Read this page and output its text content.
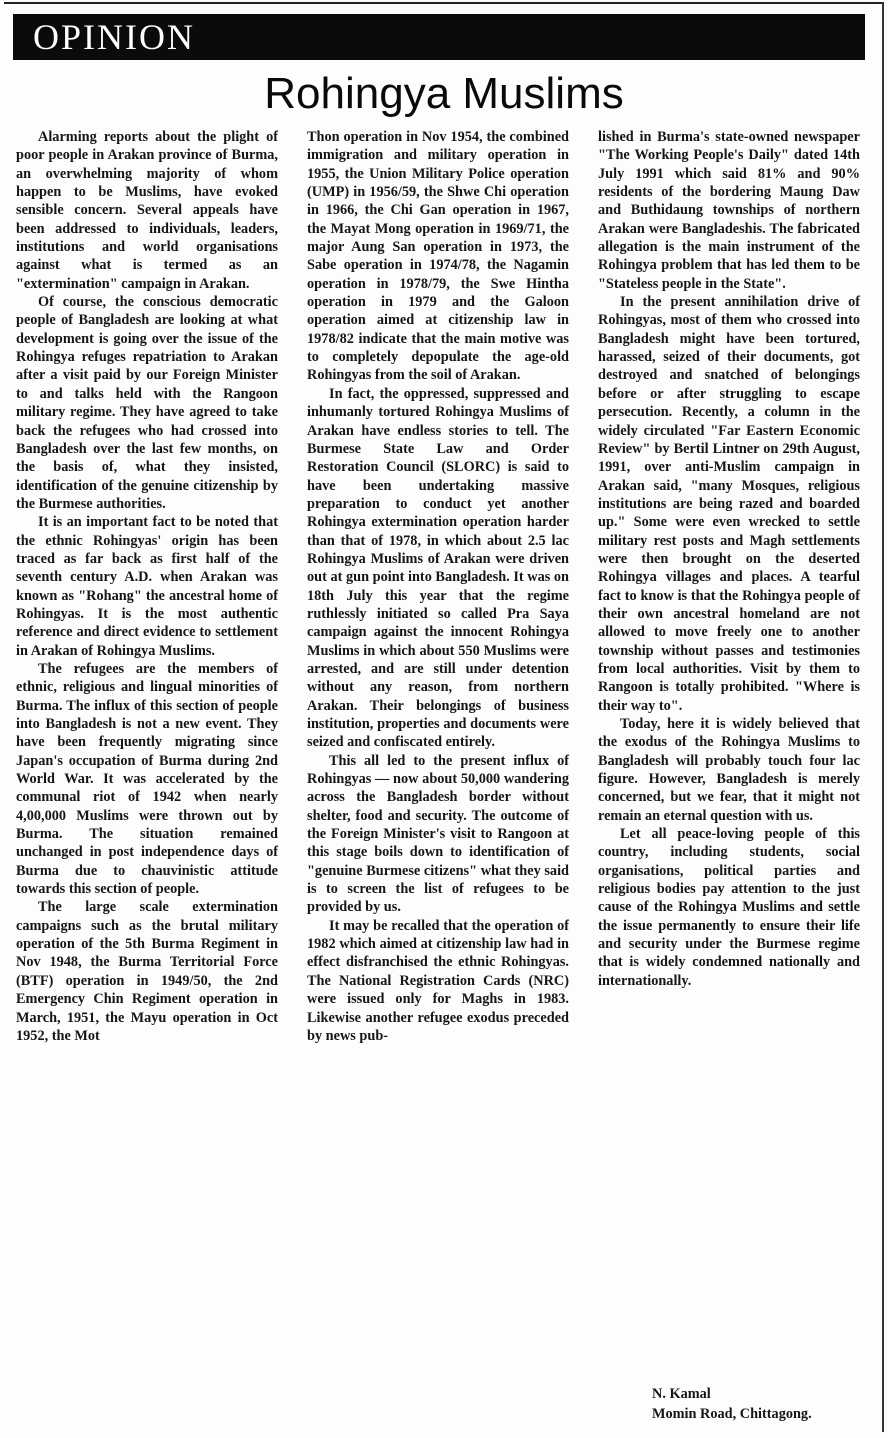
OPINION
Rohingya Muslims

Alarming reports about the plight of poor people in Arakan province of Burma, an overwhelming majority of whom happen to be Muslims, have evoked sensible concern. Several appeals have been addressed to individuals, leaders, institutions and world organisations against what is termed as an "extermination" campaign in Arakan.

Of course, the conscious democratic people of Bangladesh are looking at what development is going over the issue of the Rohingya refuges repatriation to Arakan after a visit paid by our Foreign Minister to and talks held with the Rangoon military regime. They have agreed to take back the refugees who had crossed into Bangladesh over the last few months, on the basis of, what they insisted, identification of the genuine citizenship by the Burmese authorities.

It is an important fact to be noted that the ethnic Rohingyas' origin has been traced as far back as first half of the seventh century A.D. when Arakan was known as "Rohang" the ancestral home of Rohingyas. It is the most authentic reference and direct evidence to settlement in Arakan of Rohingya Muslims.

The refugees are the members of ethnic, religious and lingual minorities of Burma. The influx of this section of people into Bangladesh is not a new event. They have been frequently migrating since Japan's occupation of Burma during 2nd World War. It was accelerated by the communal riot of 1942 when nearly 4,00,000 Muslims were thrown out by Burma. The situation remained unchanged in post independence days of Burma due to chauvinistic attitude towards this section of people.

The large scale extermination campaigns such as the brutal military operation of the 5th Burma Regiment in Nov 1948, the Burma Territorial Force (BTF) operation in 1949/50, the 2nd Emergency Chin Regiment operation in March, 1951, the Mayu operation in Oct 1952, the Mot

Thon operation in Nov 1954, the combined immigration and military operation in 1955, the Union Military Police operation (UMP) in 1956/59, the Shwe Chi operation in 1966, the Chi Gan operation in 1967, the Mayat Mong operation in 1969/71, the major Aung San operation in 1973, the Sabe operation in 1974/78, the Nagamin operation in 1978/79, the Swe Hintha operation in 1979 and the Galoon operation aimed at citizenship law in 1978/82 indicate that the main motive was to completely depopulate the age-old Rohingyas from the soil of Arakan.

In fact, the oppressed, suppressed and inhumanly tortured Rohingya Muslims of Arakan have endless stories to tell. The Burmese State Law and Order Restoration Council (SLORC) is said to have been undertaking massive preparation to conduct yet another Rohingya extermination operation harder than that of 1978, in which about 2.5 lac Rohingya Muslims of Arakan were driven out at gun point into Bangladesh. It was on 18th July this year that the regime ruthlessly initiated so called Pra Saya campaign against the innocent Rohingya Muslims in which about 550 Muslims were arrested, and are still under detention without any reason, from northern Arakan. Their belongings of business institution, properties and documents were seized and confiscated entirely.

This all led to the present influx of Rohingyas — now about 50,000 wandering across the Bangladesh border without shelter, food and security. The outcome of the Foreign Minister's visit to Rangoon at this stage boils down to identification of "genuine Burmese citizens" what they said is to screen the list of refugees to be provided by us.

It may be recalled that the operation of 1982 which aimed at citizenship law had in effect disfranchised the ethnic Rohingyas. The National Registration Cards (NRC) were issued only for Maghs in 1983. Likewise another refugee exodus preceded by news pub-

lished in Burma's state-owned newspaper "The Working People's Daily" dated 14th July 1991 which said 81% and 90% residents of the bordering Maung Daw and Buthidaung townships of northern Arakan were Bangladeshis. The fabricated allegation is the main instrument of the Rohingya problem that has led them to be "Stateless people in the State".

In the present annihilation drive of Rohingyas, most of them who crossed into Bangladesh might have been tortured, harassed, seized of their documents, got destroyed and snatched of belongings before or after struggling to escape persecution. Recently, a column in the widely circulated "Far Eastern Economic Review" by Bertil Lintner on 29th August, 1991, over anti-Muslim campaign in Arakan said, "many Mosques, religious institutions are being razed and boarded up." Some were even wrecked to settle military rest posts and Magh settlements were then brought on the deserted Rohingya villages and places. A tearful fact to know is that the Rohingya people of their own ancestral homeland are not allowed to move freely one to another township without passes and testimonies from local authorities. Visit by them to Rangoon is totally prohibited. "Where is their way to".

Today, here it is widely believed that the exodus of the Rohingya Muslims to Bangladesh will probably touch four lac figure. However, Bangladesh is merely concerned, but we fear, that it might not remain an eternal question with us.

Let all peace-loving people of this country, including students, social organisations, political parties and religious bodies pay attention to the just cause of the Rohingya Muslims and settle the issue permanently to ensure their life and security under the Burmese regime that is widely condemned nationally and internationally.

N. Kamal
Momin Road, Chittagong.
